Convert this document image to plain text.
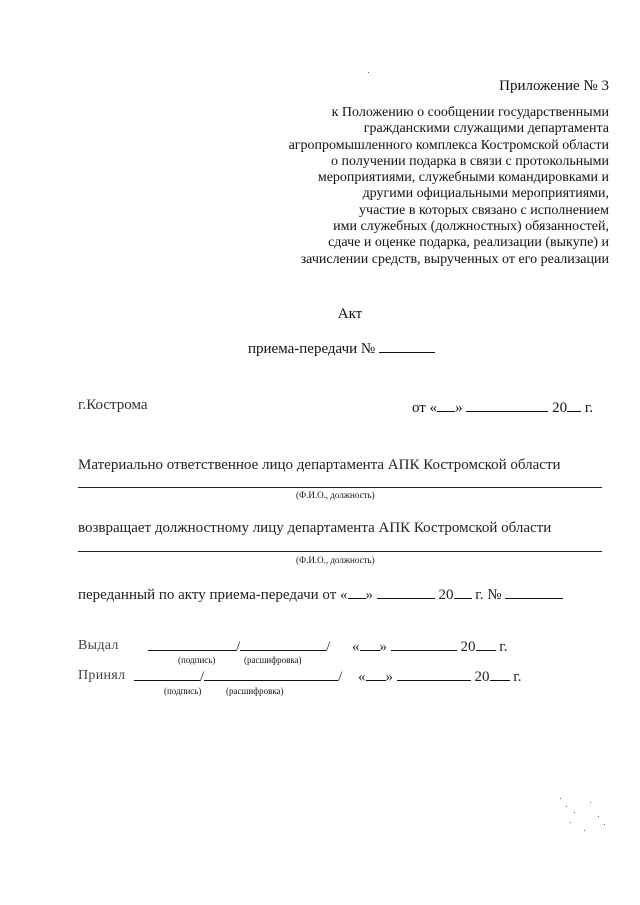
Приложение № 3
к Положению о сообщении государственными
гражданскими служащими департамента
агропромышленного комплекса Костромской области
о получении подарка в связи с протокольными
мероприятиями, служебными командировками и
другими официальными мероприятиями,
участие в которых связано с исполнением
ими служебных (должностных) обязанностей,
сдаче и оценке подарка, реализации (выкупе) и
зачислении средств, вырученных от его реализации
Акт
приема-передачи №
г.Кострома	от « »	20 г.
Материально ответственное лицо департамента АПК Костромской области
(Ф.И.О., должность)
возвращает должностному лицу департамента АПК Костромской области
(Ф.И.О., должность)
переданный по акту приема-передачи от « »	20 г. №
Выдал	/	/ « »	20 г.
(подпись)	(расшифровка)
Принял	/	/ « »	20 г.
(подпись)	(расшифровка)
